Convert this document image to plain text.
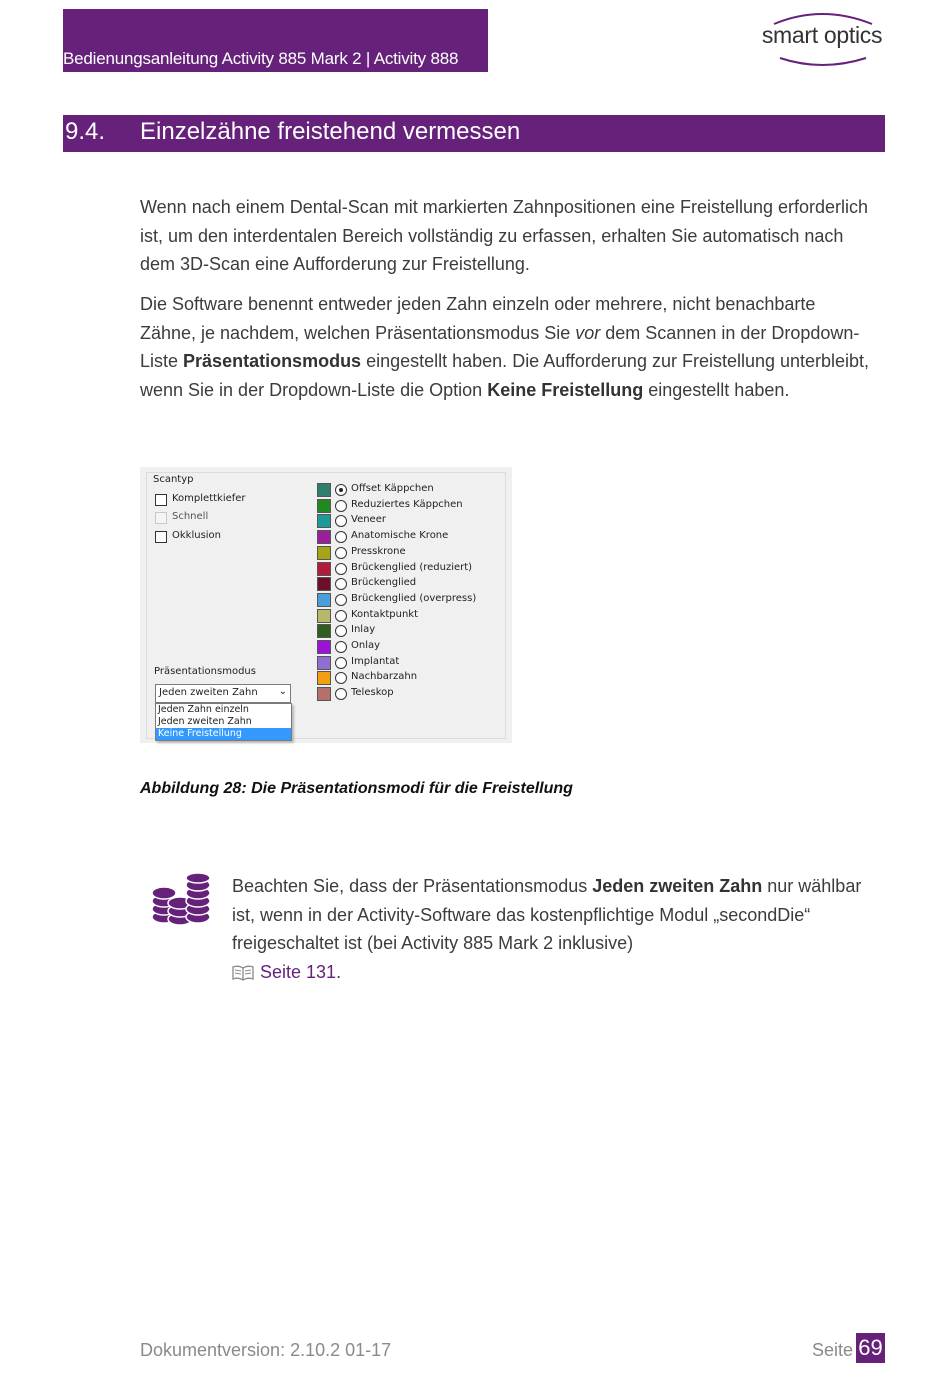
Bedienungsanleitung Activity 885 Mark 2 | Activity 888
smart optics
9.4. Einzelzähne freistehend vermessen

Wenn nach einem Dental-Scan mit markierten Zahnpositionen eine Freistellung erforderlich ist, um den interdentalen Bereich vollständig zu erfassen, erhalten Sie automatisch nach dem 3D-Scan eine Aufforderung zur Freistellung.

Die Software benennt entweder jeden Zahn einzeln oder mehrere, nicht benachbarte Zähne, je nachdem, welchen Präsentationsmodus Sie vor dem Scannen in der Dropdown-Liste Präsentationsmodus eingestellt haben. Die Aufforderung zur Freistellung unterbleibt, wenn Sie in der Dropdown-Liste die Option Keine Freistellung eingestellt haben.

Scantyp
Komplettkiefer
Schnell
Okklusion
Präsentationsmodus
Jeden zweiten Zahn ⌄
Jeden Zahn einzeln
Jeden zweiten Zahn
Keine Freistellung
Offset Käppchen
Reduziertes Käppchen
Veneer
Anatomische Krone
Presskrone
Brückenglied (reduziert)
Brückenglied
Brückenglied (overpress)
Kontaktpunkt
Inlay
Onlay
Implantat
Nachbarzahn
Teleskop
Abbildung 28: Die Präsentationsmodi für die Freistellung

Beachten Sie, dass der Präsentationsmodus Jeden zweiten Zahn nur wählbar ist, wenn in der Activity-Software das kostenpflichtige Modul „secondDie“ freigeschaltet ist (bei Activity 885 Mark 2 inklusive)
Seite 131.

Dokumentversion: 2.10.2 01-17	Seite 69
